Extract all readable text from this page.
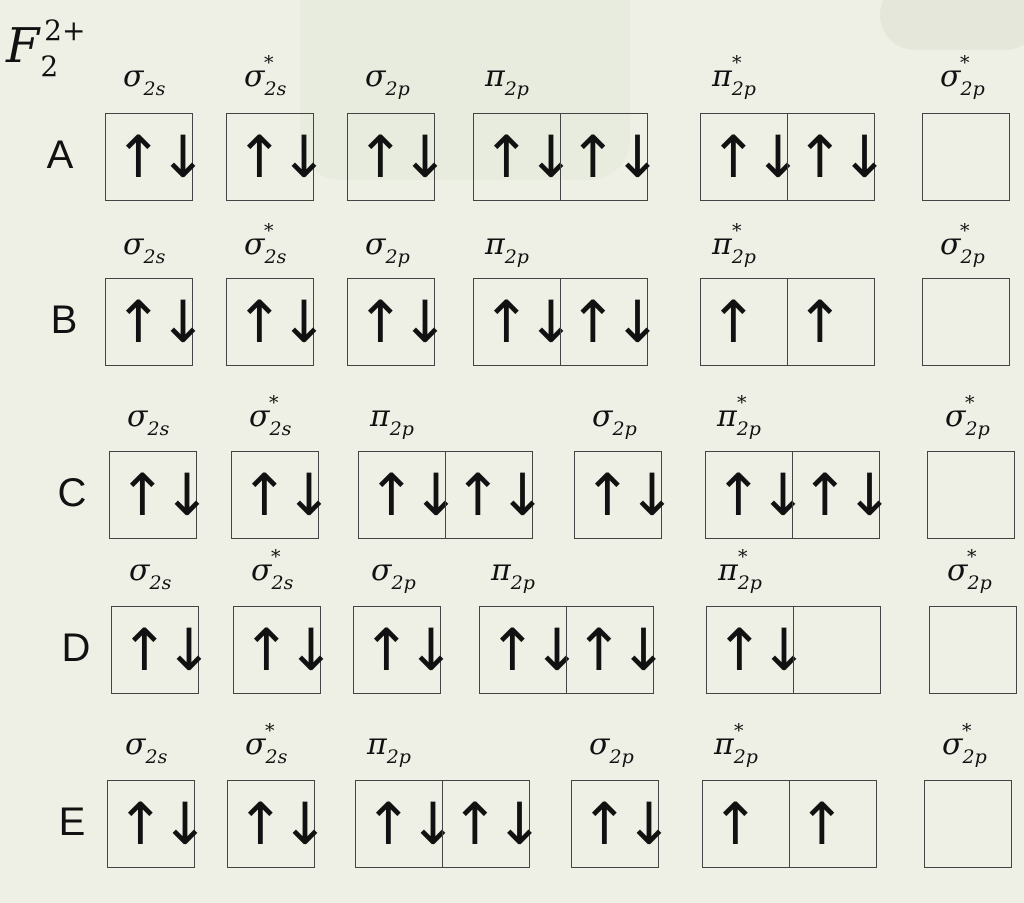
$F_2^{2+}$
A
$\sigma_{2s}$
↑↓
$\sigma_{2s}$
*
↑↓
$\sigma_{2p}$
↑↓
$\pi_{2p}$
↑↓
↑↓
$\pi_{2p}$
*
↑↓
↑↓
$\sigma_{2p}$
*
B
$\sigma_{2s}$
↑↓
$\sigma_{2s}$
*
↑↓
$\sigma_{2p}$
↑↓
$\pi_{2p}$
↑↓
↑↓
$\pi_{2p}$
*
↑ ↑
$\sigma_{2p}$
*
C
$\sigma_{2s}$
↑↓
$\sigma_{2s}$
*
↑↓
$\pi_{2p}$
↑↓
↑↓
$\sigma_{2p}$
↑↓
$\pi_{2p}$
*
↑↓
↑↓
$\sigma_{2p}$
*
D
$\sigma_{2s}$
↑↓
$\sigma_{2s}$
*
↑↓
$\sigma_{2p}$
↑↓
$\pi_{2p}$
↑↓
↑↓
$\pi_{2p}$
*
↑↓
$\sigma_{2p}$
*
E
$\sigma_{2s}$
↑↓
$\sigma_{2s}$
*
↑↓
$\pi_{2p}$
↑↓
↑↓
$\sigma_{2p}$
↑↓
$\pi_{2p}$
*
↑ ↑
$\sigma_{2p}$
*
